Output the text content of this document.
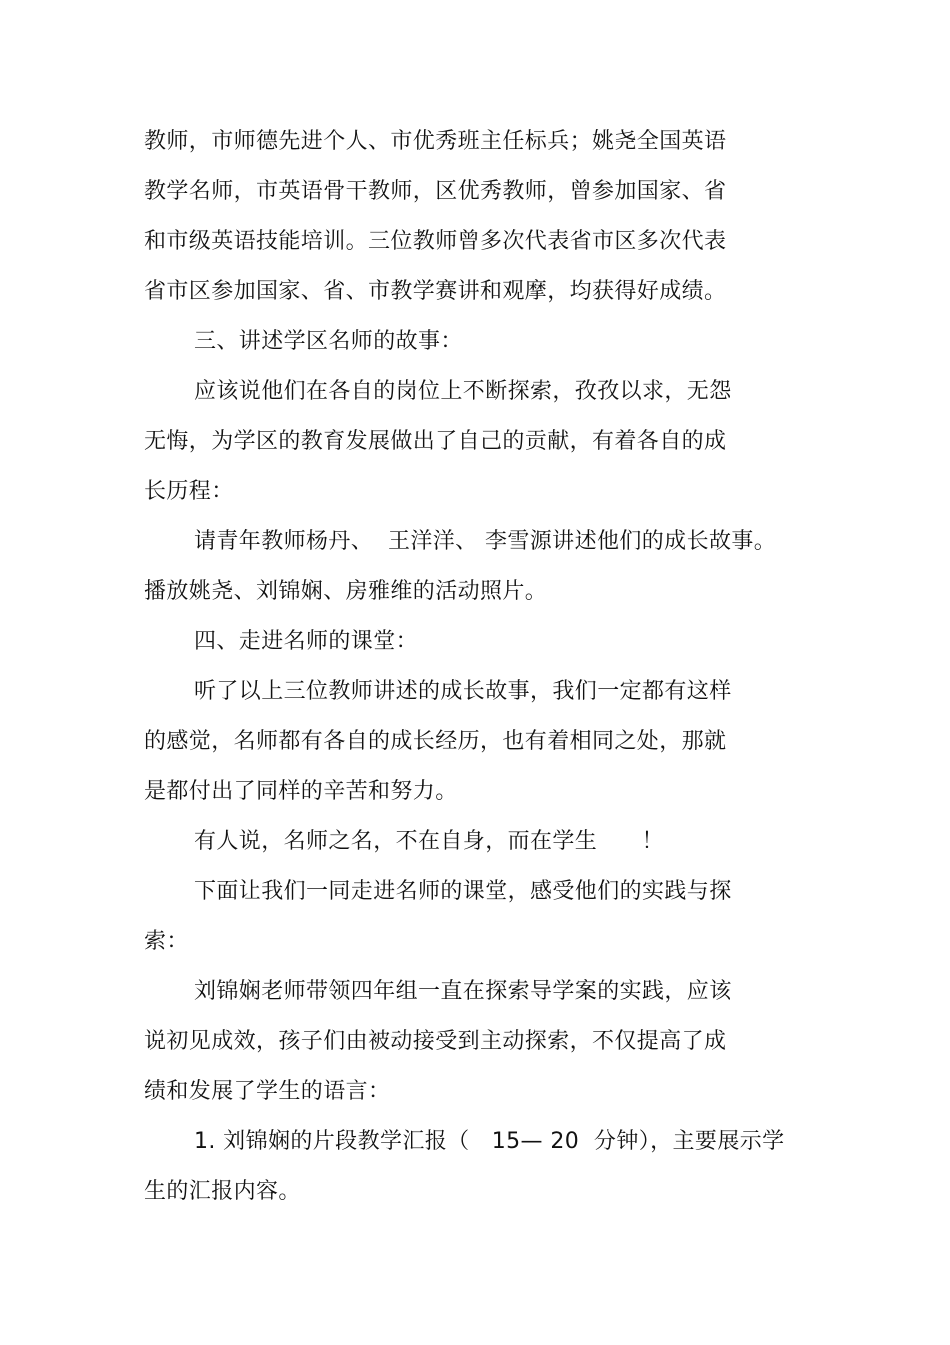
教师，市师德先进个人、市优秀班主任标兵；姚尧全国英语
教学名师，市英语骨干教师，区优秀教师，曾参加国家、省
和市级英语技能培训。三位教师曾多次代表省市区多次代表
省市区参加国家、省、市教学赛讲和观摩，均获得好成绩。
三、讲述学区名师的故事：
应该说他们在各自的岗位上不断探索，孜孜以求，无怨
无悔，为学区的教育发展做出了自己的贡献，有着各自的成
长历程：
请青年教师杨丹、  王洋洋、 李雪源讲述他们的成长故事。
播放姚尧、刘锦娴、房雅维的活动照片。
四、走进名师的课堂：
听了以上三位教师讲述的成长故事，我们一定都有这样
的感觉，名师都有各自的成长经历，也有着相同之处，那就
是都付出了同样的辛苦和努力。
有人说，名师之名，不在自身，而在学生      ！
下面让我们一同走进名师的课堂，感受他们的实践与探
索：
刘锦娴老师带领四年组一直在探索导学案的实践，应该
说初见成效，孩子们由被动接受到主动探索，不仅提高了成
绩和发展了学生的语言：
1. 刘锦娴的片段教学汇报（   15— 20  分钟），主要展示学
生的汇报内容。
